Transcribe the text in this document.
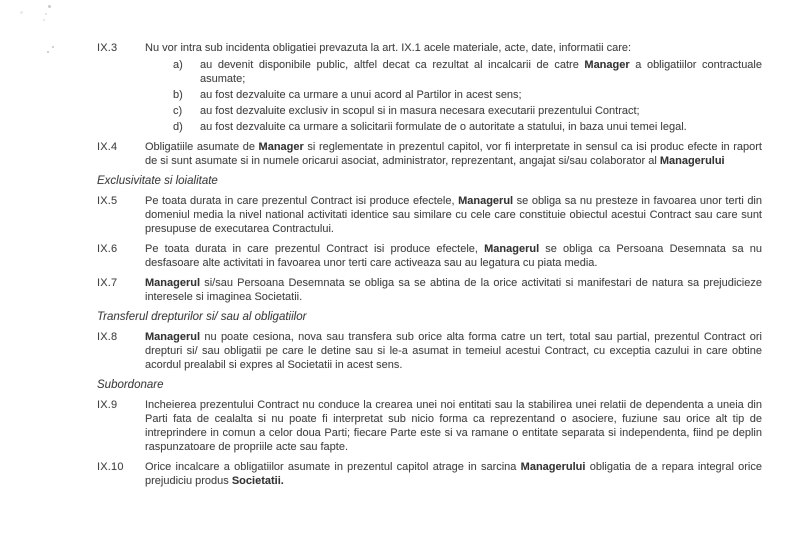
IX.3	Nu vor intra sub incidenta obligatiei prevazuta la art. IX.1 acele materiale, acte, date, informatii care:

a)	au devenit disponibile public, altfel decat ca rezultat al incalcarii de catre Manager a obligatiilor contractuale asumate;
b)	au fost dezvaluite ca urmare a unui acord al Partilor in acest sens;
c)	au fost dezvaluite exclusiv in scopul si in masura necesara executarii prezentului Contract;
d)	au fost dezvaluite ca urmare a solicitarii formulate de o autoritate a statului, in baza unui temei legal.
IX.4	Obligatiile asumate de Manager si reglementate in prezentul capitol, vor fi interpretate in sensul ca isi produc efecte in raport de si sunt asumate si in numele oricarui asociat, administrator, reprezentant, angajat si/sau colaborator al Managerului

Exclusivitate si loialitate
IX.5	Pe toata durata in care prezentul Contract isi produce efectele, Managerul se obliga sa nu presteze in favoarea unor terti din domeniul media la nivel national activitati identice sau similare cu cele care constituie obiectul acestui Contract sau care sunt presupuse de executarea Contractului.

IX.6	Pe toata durata in care prezentul Contract isi produce efectele, Managerul se obliga ca Persoana Desemnata sa nu desfasoare alte activitati in favoarea unor terti care activeaza sau au legatura cu piata media.

IX.7	Managerul si/sau Persoana Desemnata se obliga sa se abtina de la orice activitati si manifestari de natura sa prejudicieze interesele si imaginea Societatii.

Transferul drepturilor si/ sau al obligatiilor
IX.8	Managerul nu poate cesiona, nova sau transfera sub orice alta forma catre un tert, total sau partial, prezentul Contract ori drepturi si/ sau obligatii pe care le detine sau si le-a asumat in temeiul acestui Contract, cu exceptia cazului in care obtine acordul prealabil si expres al Societatii in acest sens.

Subordonare
IX.9	Incheierea prezentului Contract nu conduce la crearea unei noi entitati sau la stabilirea unei relatii de dependenta a uneia din Parti fata de cealalta si nu poate fi interpretat sub nicio forma ca reprezentand o asociere, fuziune sau orice alt tip de intreprindere in comun a celor doua Parti; fiecare Parte este si va ramane o entitate separata si independenta, fiind pe deplin raspunzatoare de propriile acte sau fapte.

IX.10	Orice incalcare a obligatiilor asumate in prezentul capitol atrage in sarcina Managerului obligatia de a repara integral orice prejudiciu produs Societatii.
